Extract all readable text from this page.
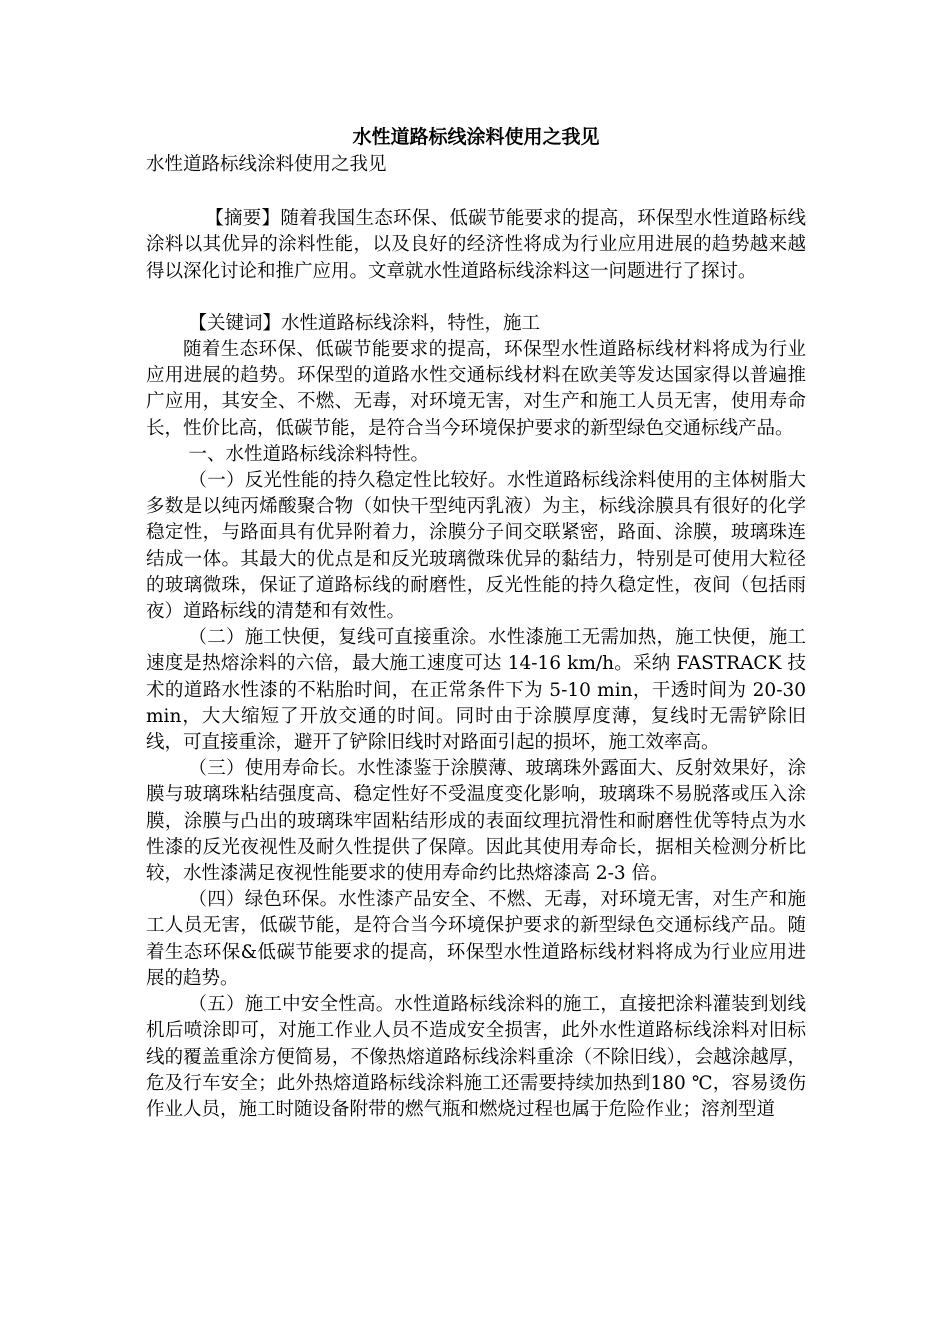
水性道路标线涂料使用之我见

水性道路标线涂料使用之我见

【摘要】随着我国生态环保、低碳节能要求的提高，环保型水性道路标线涂料以其优异的涂料性能，以及良好的经济性将成为行业应用进展的趋势越来越得以深化讨论和推广应用。文章就水性道路标线涂料这一问题进行了探讨。

【关键词】水性道路标线涂料，特性，施工

随着生态环保、低碳节能要求的提高，环保型水性道路标线材料将成为行业应用进展的趋势。环保型的道路水性交通标线材料在欧美等发达国家得以普遍推广应用，其安全、不燃、无毒，对环境无害，对生产和施工人员无害，使用寿命长，性价比高，低碳节能，是符合当今环境保护要求的新型绿色交通标线产品。

一、水性道路标线涂料特性。

（一）反光性能的持久稳定性比较好。水性道路标线涂料使用的主体树脂大多数是以纯丙烯酸聚合物（如快干型纯丙乳液）为主，标线涂膜具有很好的化学稳定性，与路面具有优异附着力，涂膜分子间交联紧密，路面、涂膜，玻璃珠连结成一体。其最大的优点是和反光玻璃微珠优异的黏结力，特别是可使用大粒径的玻璃微珠，保证了道路标线的耐磨性，反光性能的持久稳定性，夜间（包括雨夜）道路标线的清楚和有效性。

（二）施工快便，复线可直接重涂。水性漆施工无需加热，施工快便，施工速度是热熔涂料的六倍，最大施工速度可达 14-16 km/h。采纳 FASTRACK 技术的道路水性漆的不粘胎时间，在正常条件下为 5-10 min，干透时间为 20-30 min，大大缩短了开放交通的时间。同时由于涂膜厚度薄，复线时无需铲除旧线，可直接重涂，避开了铲除旧线时对路面引起的损坏，施工效率高。

（三）使用寿命长。水性漆鉴于涂膜薄、玻璃珠外露面大、反射效果好，涂膜与玻璃珠粘结强度高、稳定性好不受温度变化影响，玻璃珠不易脱落或压入涂膜，涂膜与凸出的玻璃珠牢固粘结形成的表面纹理抗滑性和耐磨性优等特点为水性漆的反光夜视性及耐久性提供了保障。因此其使用寿命长，据相关检测分析比较，水性漆满足夜视性能要求的使用寿命约比热熔漆高 2-3 倍。

（四）绿色环保。水性漆产品安全、不燃、无毒，对环境无害，对生产和施工人员无害，低碳节能，是符合当今环境保护要求的新型绿色交通标线产品。随着生态环保&低碳节能要求的提高，环保型水性道路标线材料将成为行业应用进展的趋势。

（五）施工中安全性高。水性道路标线涂料的施工，直接把涂料灌装到划线机后喷涂即可，对施工作业人员不造成安全损害，此外水性道路标线涂料对旧标线的覆盖重涂方便简易，不像热熔道路标线涂料重涂（不除旧线），会越涂越厚，危及行车安全；此外热熔道路标线涂料施工还需要持续加热到180 ℃，容易烫伤作业人员，施工时随设备附带的燃气瓶和燃烧过程也属于危险作业；溶剂型道
